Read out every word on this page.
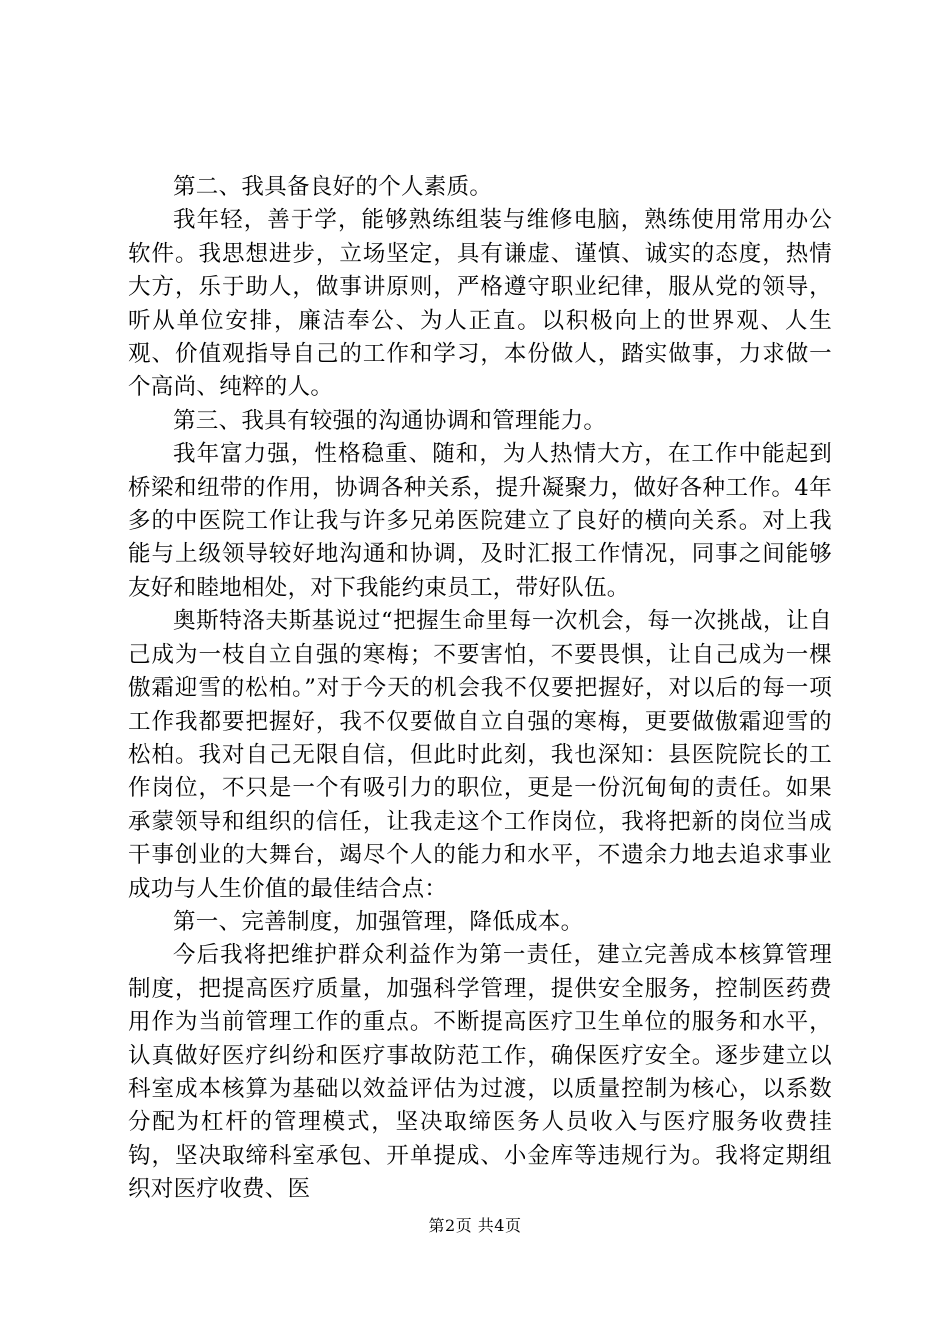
第二、我具备良好的个人素质。

我年轻，善于学，能够熟练组装与维修电脑，熟练使用常用办公软件。我思想进步，立场坚定，具有谦虚、谨慎、诚实的态度，热情大方，乐于助人，做事讲原则，严格遵守职业纪律，服从党的领导，听从单位安排，廉洁奉公、为人正直。以积极向上的世界观、人生观、价值观指导自己的工作和学习，本份做人，踏实做事，力求做一个高尚、纯粹的人。

第三、我具有较强的沟通协调和管理能力。

我年富力强，性格稳重、随和，为人热情大方，在工作中能起到桥梁和纽带的作用，协调各种关系，提升凝聚力，做好各种工作。4年多的中医院工作让我与许多兄弟医院建立了良好的横向关系。对上我能与上级领导较好地沟通和协调，及时汇报工作情况，同事之间能够友好和睦地相处，对下我能约束员工，带好队伍。

奥斯特洛夫斯基说过“把握生命里每一次机会，每一次挑战，让自己成为一枝自立自强的寒梅；不要害怕，不要畏惧，让自己成为一棵傲霜迎雪的松柏。”对于今天的机会我不仅要把握好，对以后的每一项工作我都要把握好，我不仅要做自立自强的寒梅，更要做傲霜迎雪的松柏。我对自己无限自信，但此时此刻，我也深知：县医院院长的工作岗位，不只是一个有吸引力的职位，更是一份沉甸甸的责任。如果承蒙领导和组织的信任，让我走这个工作岗位，我将把新的岗位当成干事创业的大舞台，竭尽个人的能力和水平，不遗余力地去追求事业成功与人生价值的最佳结合点：

第一、完善制度，加强管理，降低成本。

今后我将把维护群众利益作为第一责任，建立完善成本核算管理制度，把提高医疗质量，加强科学管理，提供安全服务，控制医药费用作为当前管理工作的重点。不断提高医疗卫生单位的服务和水平，认真做好医疗纠纷和医疗事故防范工作，确保医疗安全。逐步建立以科室成本核算为基础以效益评估为过渡，以质量控制为核心，以系数分配为杠杆的管理模式，坚决取缔医务人员收入与医疗服务收费挂钩，坚决取缔科室承包、开单提成、小金库等违规行为。我将定期组织对医疗收费、医

第2页 共4页
